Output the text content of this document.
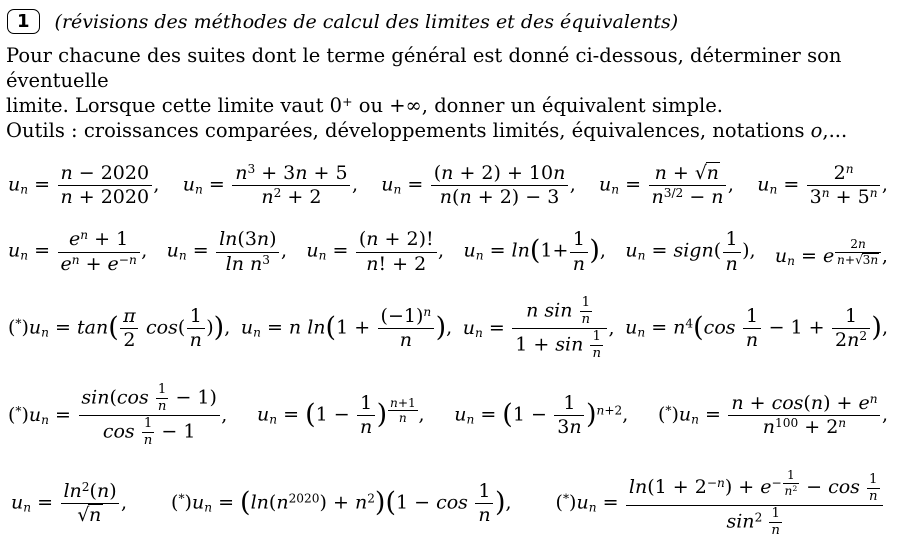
1	(révisions des méthodes de calcul des limites et des équivalents)
Pour chacune des suites dont le terme général est donné ci-dessous, déterminer son éventuelle
limite. Lorsque cette limite vaut 0+ ou +∞, donner un équivalent simple.
Outils : croissances comparées, développements limités, équivalences, notations o,...
$u_n = \frac{n - 2020}{n + 2020}$ , $u_n = \frac{n^3 + 3n + 5}{n^2 + 2}$ , $u_n = \frac{(n + 2) + 10n}{n(n + 2) - 3}$ , $u_n = \frac{n + √n}{n^{3/2} - n}$ , $u_n = \frac{2^n}{3^n + 5^n}$ ,
$u_n = \frac{e^n + 1}{e^n + e^{-n}}$ , $u_n = \frac{\ln(3n)}{\ln n^3}$ , $u_n = \frac{(n + 2)!}{n! + 2}$ , $u_n = \ln(1+ \frac{1}{n}$ ), $u_n$ = sign( $\frac{1}{n}$ ), $u_n = e$ $^{\frac{2n}{n+√3n}}$ ,
$(^*)u_n = \tan( \frac{\pi}{2} \cos( \frac{1}{n}$ )), $u_n = n$ $\ln(1 + \frac{(-1)^n}{n}$ ), $u_n = \frac{n \sin \frac{1}{n}}{1 + \sin \frac{1}{n}}$ , $u_n = n^4(\cos \frac{1}{n} - 1 + \frac{1}{2n^2}$ ),
$(^*)u_n = \frac{\sin(\cos \frac{1}{n} - 1)}{\cos \frac{1}{n} - 1}$ , $u_n = (1 - \frac{1}{n}$ ) $^{\frac{n+1}{n}}$ , $u_n = (1 - \frac{1}{3n} )^{n+2}$, $(^*)u_n = \frac{n + \cos(n) + e^n}{n^{100} + 2^n}$ ,
$u_n = \frac{\ln^2(n)}{√n}$ , $(^*)u_n = (\ln(n^{2020}) + n^2)(1 - \cos \frac{1}{n}$ ), $(^*)u_n = \ln(1 + 2^{-n}) + e^{- \frac{1}{n^2}} - \cos \frac{1}{n}$
$\sin^2 \frac{1}{n}$
